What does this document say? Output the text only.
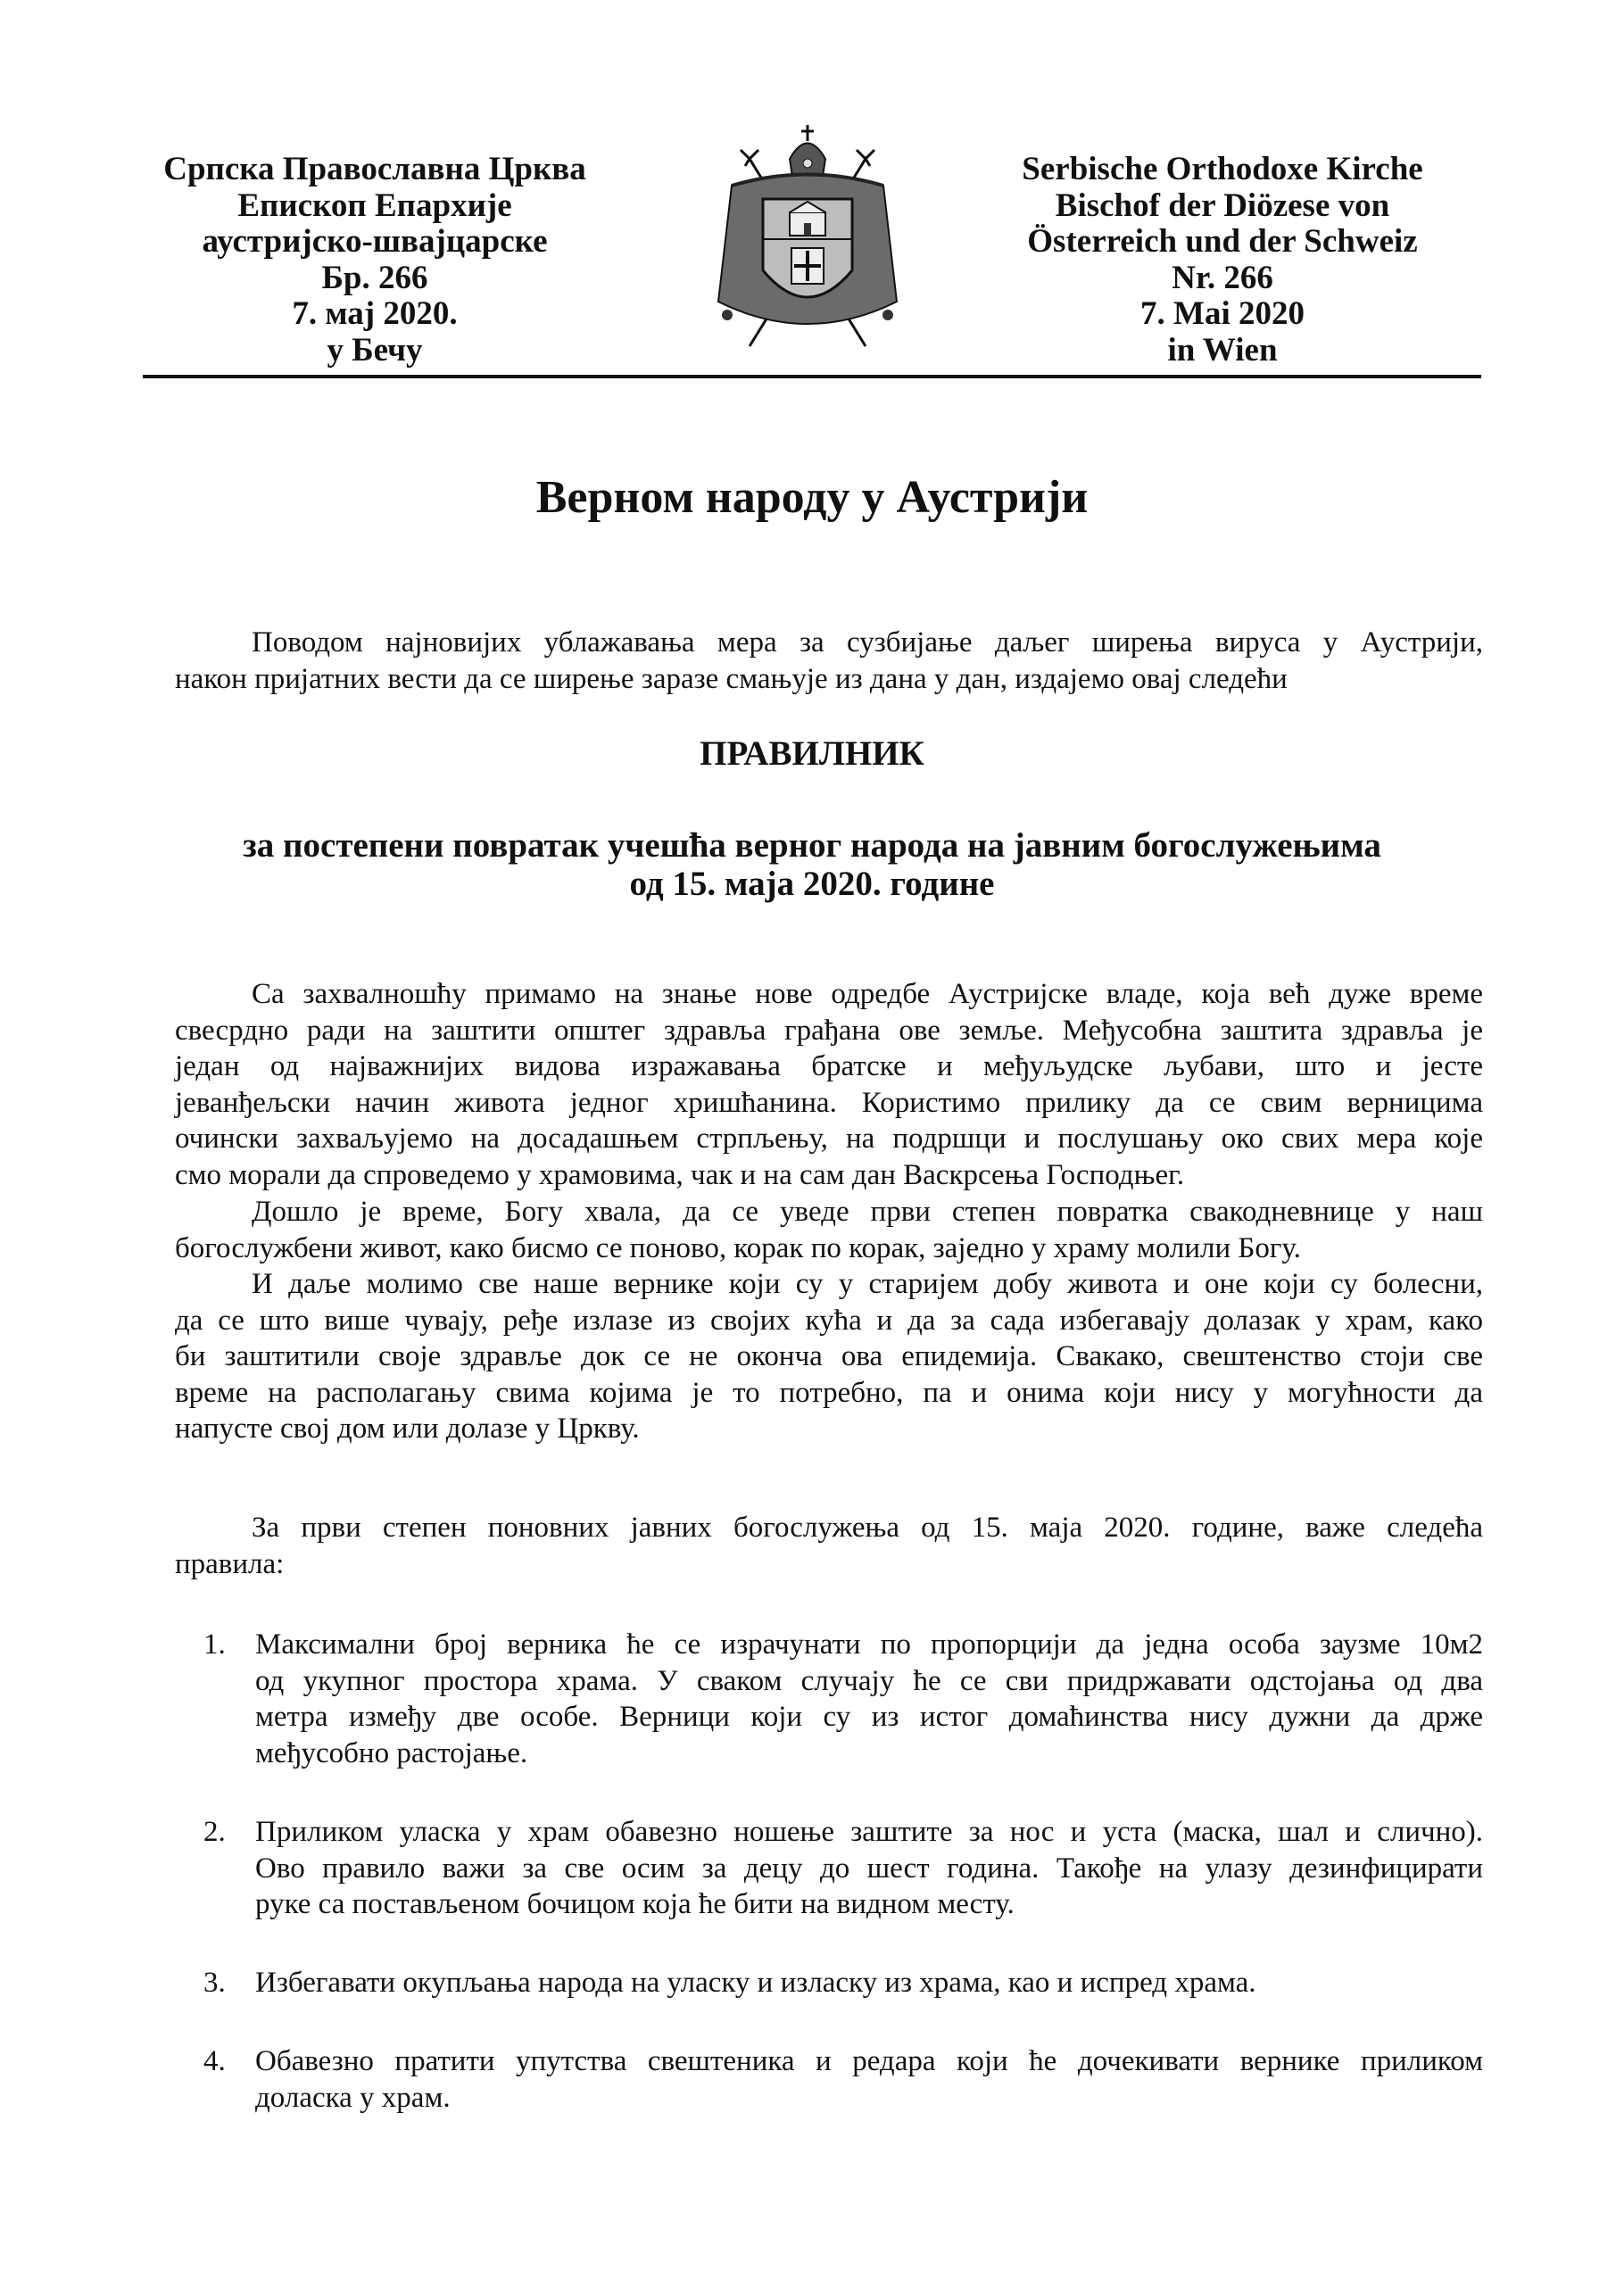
Српска Православна Црква
Епископ Епархије
аустријско-швајцарске
Бр. 266
7. мај 2020.
у Бечу
Serbische Orthodoxe Kirche
Bischof der Diözese von
Österreich und der Schweiz
Nr. 266
7. Mai 2020
in Wien
Верном народу у Аустрији
Поводом најновијих ублажавања мера за сузбијање даљег ширења вируса у Аустрији,
након пријатних вести да се ширење заразе смањује из дана у дан, издајемо овај следећи
ПРАВИЛНИК
за постепени повратак учешћа верног народа на јавним богослужењима
од 15. маја 2020. године
Са захвалношћу примамо на знање нове одредбе Аустријске владе, која већ дуже време
свесрдно ради на заштити општег здравља грађана ове земље. Међусобна заштита здравља је
један од најважнијих видова изражавања братске и међуљудске љубави, што и јесте
јеванђељски начин живота једног хришћанина. Користимо прилику да се свим верницима
очински захваљујемо на досадашњем стрпљењу, на подршци и послушању око свих мера које
смо морали да спроведемо у храмовима, чак и на сам дан Васкрсења Господњег.
Дошло је време, Богу хвала, да се уведе први степен повратка свакодневнице у наш
богослужбени живот, како бисмо се поново, корак по корак, заједно у храму молили Богу.
И даље молимо све наше вернике који су у старијем добу живота и оне који су болесни,
да се што више чувају, ређе излазе из својих кућа и да за сада избегавају долазак у храм, како
би заштитили своје здравље док се не оконча ова епидемија. Свакако, свештенство стоји све
време на располагању свима којима је то потребно, па и онима који нису у могућности да
напусте свој дом или долазе у Цркву.
За први степен поновних јавних богослужења од 15. маја 2020. године, важе следећа
правила:
1. Максимални број верника ће се израчунати по пропорцији да једна особа заузме 10м2
од укупног простора храма. У сваком случају ће се сви придржавати одстојања од два
метра између две особе. Верници који су из истог домаћинства нису дужни да држе
међусобно растојање.
2. Приликом уласка у храм обавезно ношење заштите за нос и уста (маска, шал и слично).
Ово правило важи за све осим за децу до шест година. Такође на улазу дезинфицирати
руке са постављеном бочицом која ће бити на видном месту.
3. Избегавати окупљања народа на уласку и изласку из храма, као и испред храма.
4. Обавезно пратити упутства свештеника и редара који ће дочекивати вернике приликом
доласка у храм.
